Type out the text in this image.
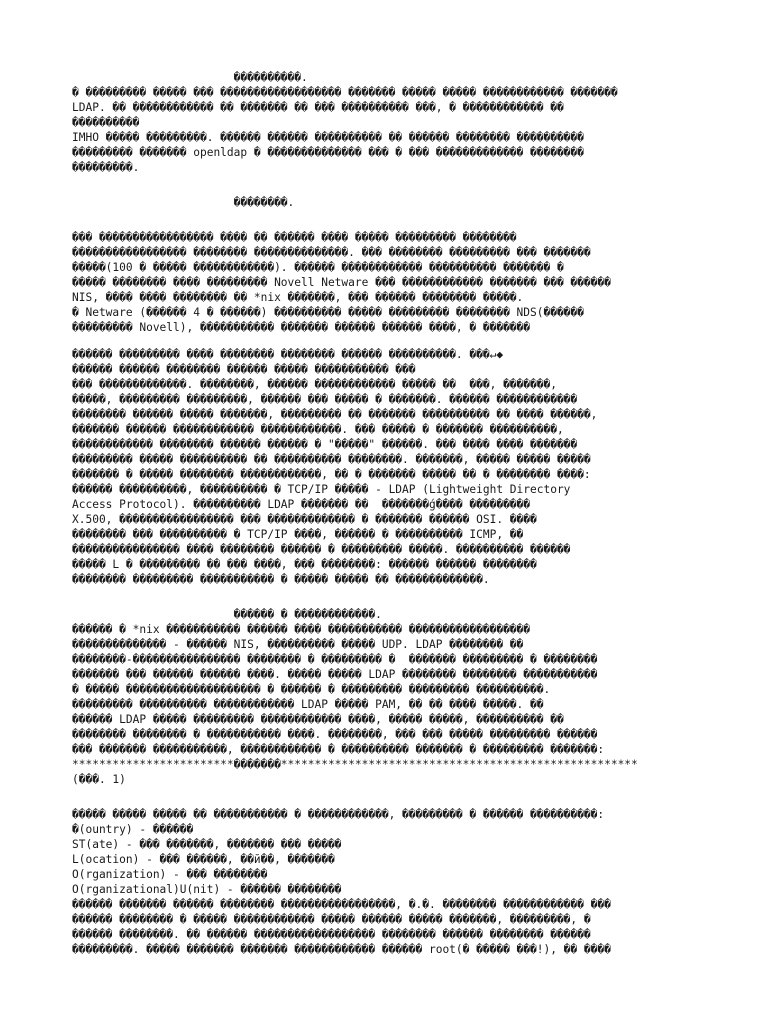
����������.
� ��������� ����� ��� ������������������ ������� ����� ����� ������������ �������
LDAP. �� ������������ �� ������� �� ��� ���������� ���, � ������������ ��
����������
IMHO ����� ���������. ������ ������ ���������� �� ������ �������� ����������
��������� ������� openldap � �������������� ��� � ��� ������������� ��������
���������.
��������.
��� ����������������� ���� �� ������ ���� ����� ��������� ��������
����������������� �������� ��������������. ��� �������� ��������� ��� �������
�����(100 � ����� ������������). ������ ������������ ���������� ������� �
����� �������� ���� ��������� Novell Netware ��� ������������ ������� ��� ������
NIS, ���� ���� �������� �� *nix �������, ��� ������ �������� �����.
� Netware (������ 4 � ������) ���������� ����� ��������� �������� NDS(������
��������� Novell), ����������� ������� ������ ������ ����, � �������
������ ��������� ���� �������� �������� ������ ����������. ���↵◆
������ ������ �������� ������ ����� ����������� ���
��� �������������. ��������, ������ ������������ ����� ��  ���, �������,
�����, ��������� ���������, ������ ��� ����� � �������. ������ ������������
�������� ������ ����� �������, ��������� �� ������� ���������� �� ���� ������,
������� ������ ������������ ������������. ��� ����� � ������� ����������,
������������ �������� ������ ������ � "�����" ������. ��� ���� ���� �������
��������� ����� ���������� �� ���������� ��������. �������, ����� ����� �����
������� � ����� �������� ������������, �� � ������� ����� �� � �������� ����:
������ ����������, ���������� � TCP/IP ����� - LDAP (Lightweight Directory
Access Protocol). ���������� LDAP ������� ��  �������ǵ���� ���������
X.500, ����������������� ��� ������������� � ������� ������ OSI. ����
�������� ��� ���������� � TCP/IP ����, ������ � ���������� ICMP, ��
���������������� ���� �������� ������ � ��������� �����. ���������� ������
����� L � ��������� �� ��� ����, ��� ��������: ������ ������ ��������
�������� ��������� ����������� � ����� ����� �� �������������.
������ � ������������.
������ � *nix ����������� ������ ���� ����������� ������������������
�������������� - ������ NIS, ���������� ����� UDP. LDAP �������� ��
��������-���������������� �������� � ��������� �  ������� ��������� � ��������
������� ��� ������ ������ ����. ����� ����� LDAP �������� �������� �����������
� ����� �������������������� � ������ � ��������� ��������� ����������.
��������� ���������� ������������ LDAP ����� PAM, �� �� ���� �����. ��
������ LDAP ����� ��������� ������������ ����, ����� �����, ���������� ��
�������� �������� � ����������� ����. ��������, ��� ��� ����� ��������� ������
��� ������� �����������, ������������ � ���������� ������� � ��������� �������:
************************�������*****************************************************
(���. 1)
����� ����� ����� �� ����������� � ������������, ��������� � ������ ����������:
�(ountry) - ������
ST(ate) - ��� �������, ������� ��� �����
L(ocation) - ��� ������, ��й��, �������
O(rganization) - ��� ��������
O(rganizational)U(nit) - ������ ��������
������ ������� ������ �������� �����������������, �.�. �������� ������������ ���
������ �������� � ����� ������������ ����� ������ ����� �������, ���������, �
������ ��������. �� ������ ������������������ �������� ������ �������� ������
���������. ����� ������� ������� ������������ ������ root(� ����� ���!), �� ����
